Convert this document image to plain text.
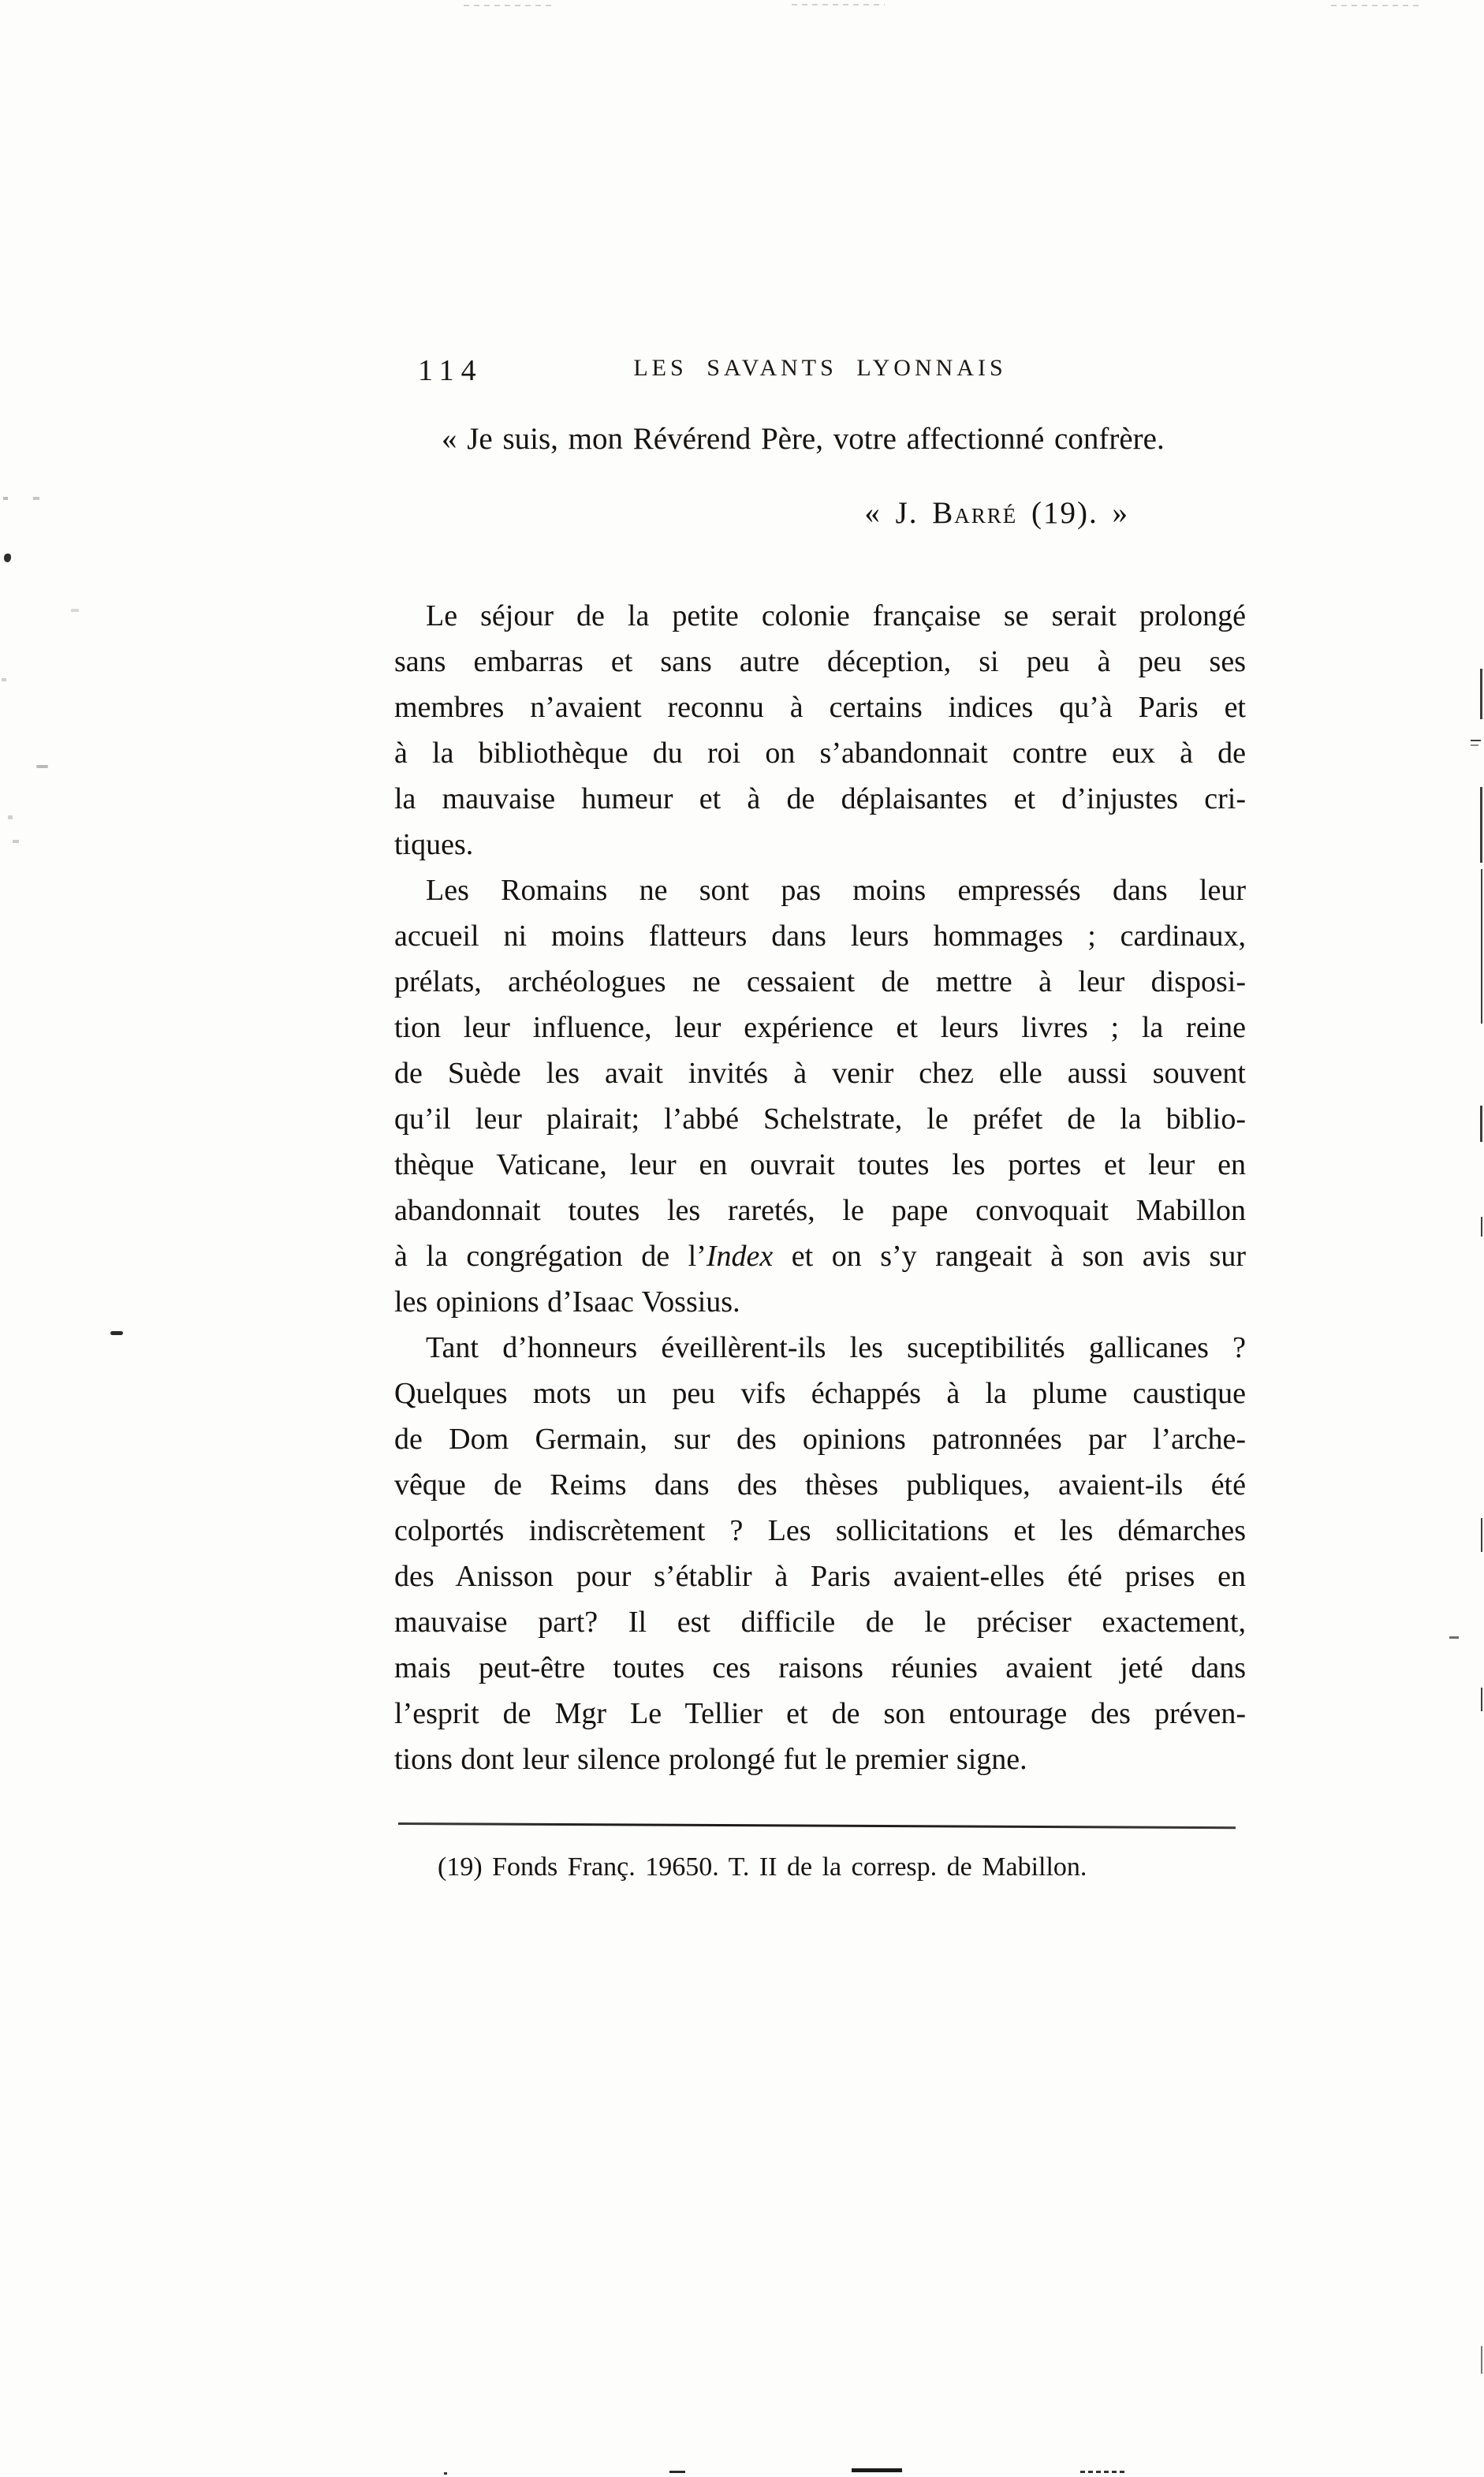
114	LES SAVANTS LYONNAIS
« Je suis, mon Révérend Père, votre affectionné confrère.
« J. Barré (19). »
Le séjour de la petite colonie française se serait prolongé
sans embarras et sans autre déception, si peu à peu ses
membres n’avaient reconnu à certains indices qu’à Paris et
à la bibliothèque du roi on s’abandonnait contre eux à de
la mauvaise humeur et à de déplaisantes et d’injustes cri-
tiques.
Les Romains ne sont pas moins empressés dans leur
accueil ni moins flatteurs dans leurs hommages ; cardinaux,
prélats, archéologues ne cessaient de mettre à leur disposi-
tion leur influence, leur expérience et leurs livres ; la reine
de Suède les avait invités à venir chez elle aussi souvent
qu’il leur plairait; l’abbé Schelstrate, le préfet de la biblio-
thèque Vaticane, leur en ouvrait toutes les portes et leur en
abandonnait toutes les raretés, le pape convoquait Mabillon
à la congrégation de l’Index et on s’y rangeait à son avis sur
les opinions d’Isaac Vossius.
Tant d’honneurs éveillèrent-ils les suceptibilités gallicanes ?
Quelques mots un peu vifs échappés à la plume caustique
de Dom Germain, sur des opinions patronnées par l’arche-
vêque de Reims dans des thèses publiques, avaient-ils été
colportés indiscrètement ? Les sollicitations et les démarches
des Anisson pour s’établir à Paris avaient-elles été prises en
mauvaise part? Il est difficile de le préciser exactement,
mais peut-être toutes ces raisons réunies avaient jeté dans
l’esprit de Mgr Le Tellier et de son entourage des préven-
tions dont leur silence prolongé fut le premier signe.
(19) Fonds Franç. 19650. T. II de la corresp. de Mabillon.
